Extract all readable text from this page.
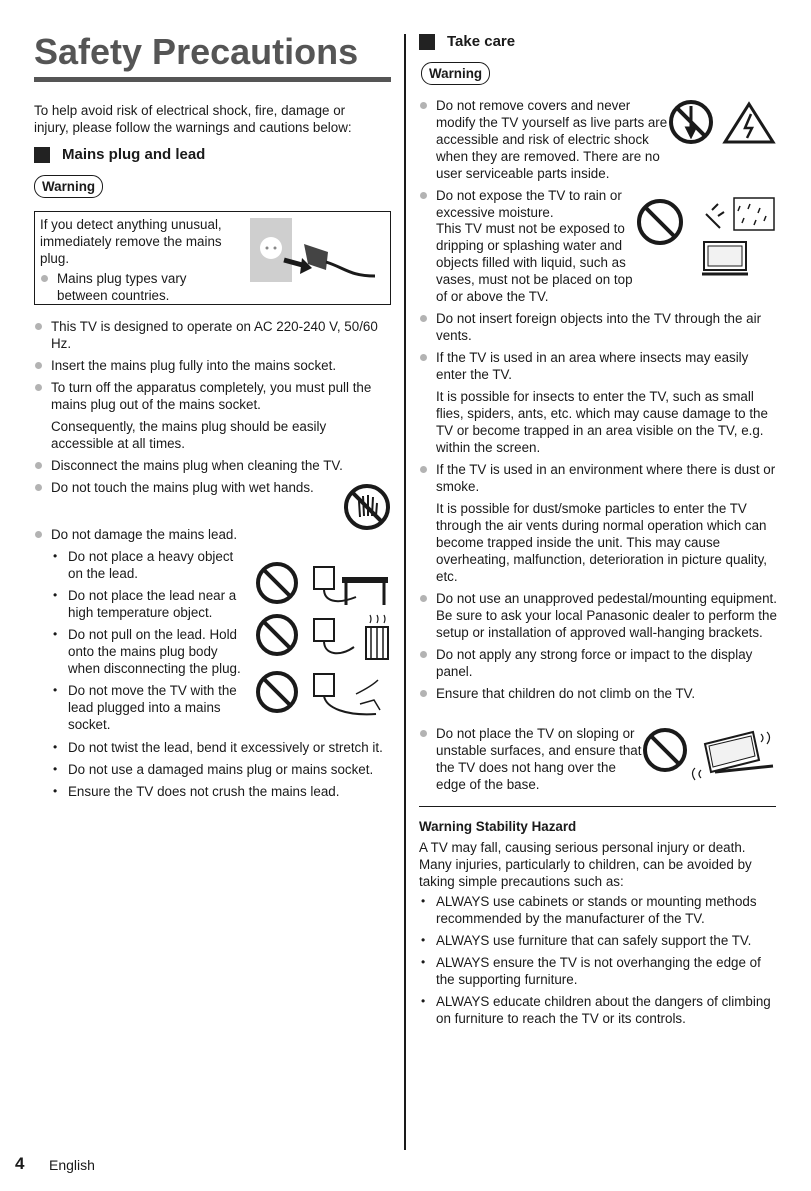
Safety Precautions

To help avoid risk of electrical shock, fire, damage or injury, please follow the warnings and cautions below:

Mains plug and lead
Warning

If you detect anything unusual, immediately remove the mains plug.

Mains plug types vary between countries.
This TV is designed to operate on AC 220-240 V, 50/60 Hz.
Insert the mains plug fully into the mains socket.
To turn off the apparatus completely, you must pull the mains plug out of the mains socket.
Consequently, the mains plug should be easily accessible at all times.
Disconnect the mains plug when cleaning the TV.
Do not touch the mains plug with wet hands.
Do not damage the mains lead.
• Do not place a heavy object on the lead.
• Do not place the lead near a high temperature object.
• Do not pull on the lead. Hold onto the mains plug body when disconnecting the plug.
• Do not move the TV with the lead plugged into a mains socket.
• Do not twist the lead, bend it excessively or stretch it.
• Do not use a damaged mains plug or mains socket.
• Ensure the TV does not crush the mains lead.
Take care
Warning
Do not remove covers and never modify the TV yourself as live parts are accessible and risk of electric shock when they are removed. There are no user serviceable parts inside.
Do not expose the TV to rain or excessive moisture.

This TV must not be exposed to dripping or splashing water and objects filled with liquid, such as vases, must not be placed on top of or above the TV.

Do not insert foreign objects into the TV through the air vents.
If the TV is used in an area where insects may easily enter the TV.
It is possible for insects to enter the TV, such as small flies, spiders, ants, etc. which may cause damage to the TV or become trapped in an area visible on the TV, e.g. within the screen.
If the TV is used in an environment where there is dust or smoke.
It is possible for dust/smoke particles to enter the TV through the air vents during normal operation which can become trapped inside the unit. This may cause overheating, malfunction, deterioration in picture quality, etc.
Do not use an unapproved pedestal/mounting equipment. Be sure to ask your local Panasonic dealer to perform the setup or installation of approved wall-hanging brackets.
Do not apply any strong force or impact to the display panel.
Ensure that children do not climb on the TV.
Do not place the TV on sloping or unstable surfaces, and ensure that the TV does not hang over the edge of the base.

Warning Stability Hazard

A TV may fall, causing serious personal injury or death. Many injuries, particularly to children, can be avoided by taking simple precautions such as:

• ALWAYS use cabinets or stands or mounting methods recommended by the manufacturer of the TV.
• ALWAYS use furniture that can safely support the TV.
• ALWAYS ensure the TV is not overhanging the edge of the supporting furniture.
• ALWAYS educate children about the dangers of climbing on furniture to reach the TV or its controls.
4 English
